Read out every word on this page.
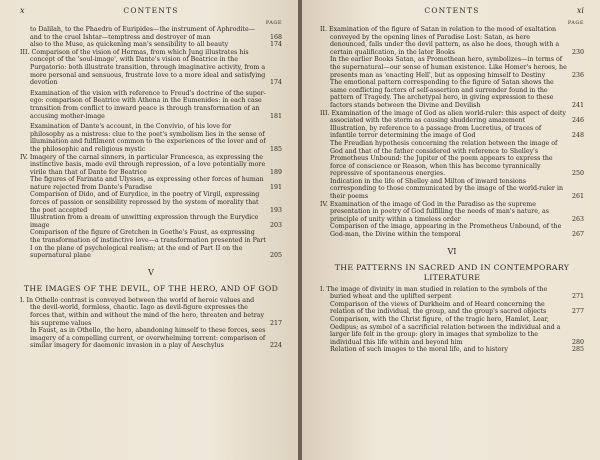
x	CONTENTS
PAGE
to Dalilah, to the Phaedra of Euripides—the instrument of Aphrodite—and to the cruel Ishtar—temptress and destroyer of man	168
also to the Muse, as quickening man's sensibility to all beauty	174
III. Comparison of the vision of Hermas, from which Jung illustrates his concept of the 'soul-image', with Dante's vision of Beatrice in the Purgatorio: both illustrate transition, through imaginative activity, from a more personal and sensuous, frustrate love to a more ideal and satisfying devotion	174
Examination of the vision with reference to Freud's doctrine of the super-ego: comparison of Beatrice with Athena in the Eumenides: in each case transition from conflict to inward peace is through transformation of an accusing mother-image	181
Examination of Dante's account, in the Convivio, of his love for philosophy as a mistress: clue to the poet's symbolism lies in the sense of illumination and fulfilment common to the experiences of the lover and of the philosophic and religious mystic	185
IV. Imagery of the carnal sinners, in particular Francesca, as expressing the instinctive basis, made evil through repression, of a love potentially more virile than that of Dante for Beatrice	189
The figures of Farinata and Ulysses, as expressing other forces of human nature rejected from Dante's Paradise	191
Comparison of Dido, and of Eurydice, in the poetry of Virgil, expressing forces of passion or sensibility repressed by the system of morality that the poet accepted	193
Illustration from a dream of unwitting expression through the Eurydice image	203
Comparison of the figure of Gretchen in Goethe's Faust, as expressing the transformation of instinctive love—a transformation presented in Part I on the plane of psychological realism; at the end of Part II on the supernatural plane	205
V
THE IMAGES OF THE DEVIL, OF THE HERO, AND OF GOD
I. In Othello contrast is conveyed between the world of heroic values and the devil-world, formless, chaotic. Iago as devil-figure expresses the forces that, within and without the mind of the hero, threaten and betray his supreme values	217
In Faust, as in Othello, the hero, abandoning himself to these forces, sees imagery of a compelling current, or overwhelming torrent: comparison of similar imagery for daemonic invasion in a play of Aeschylus	224
CONTENTS	xi
PAGE
II. Examination of the figure of Satan in relation to the mood of exaltation conveyed by the opening lines of Paradise Lost: Satan, as here denounced, falls under the devil pattern, as also he does, though with a certain qualification, in the later Books	230
In the earlier Books Satan, as Promethean hero, symbolizes—in terms of the supernatural—our sense of human existence. Like Homer's heroes, he presents man as 'enacting Hell', but as opposing himself to Destiny	236
The emotional pattern corresponding to the figure of Satan shows the same conflicting factors of self-assertion and surrender found in the pattern of Tragedy. The archetypal hero, in giving expression to these factors stands between the Divine and Devilish	241
III. Examination of the image of God as alien world-ruler: this aspect of deity associated with the storm as causing shuddering amazement	246
Illustration, by reference to a passage from Lucretius, of traces of infantile terror determining the image of God	248
The Freudian hypothesis concerning the relation between the image of God and that of the father considered with reference to Shelley's Prometheus Unbound: the Jupiter of the poem appears to express the force of conscience or Reason, when this has become tyrannically repressive of spontaneous energies.	250
Indication in the life of Shelley and Milton of inward tensions corresponding to those communicated by the image of the world-ruler in their poems	261
IV. Examination of the image of God in the Paradiso as the supreme presentation in poetry of God fulfilling the needs of man's nature, as principle of unity within a timeless order	263
Comparison of the image, appearing in the Prometheus Unbound, of the God-man, the Divine within the temporal	267
VI
THE PATTERNS IN SACRED AND IN CONTEMPORARY LITERATURE
I. The image of divinity in man studied in relation to the symbols of the buried wheat and the uplifted serpent	271
Comparison of the views of Durkheim and of Heard concerning the relation of the individual, the group, and the group's sacred objects	277
Comparison, with the Christ figure, of the tragic hero, Hamlet, Lear, Oedipus; as symbol of a sacrificial relation between the individual and a larger life felt in the group: glory in images that symbolize to the individual this life within and beyond him	280
Relation of such images to the moral life, and to history	285
